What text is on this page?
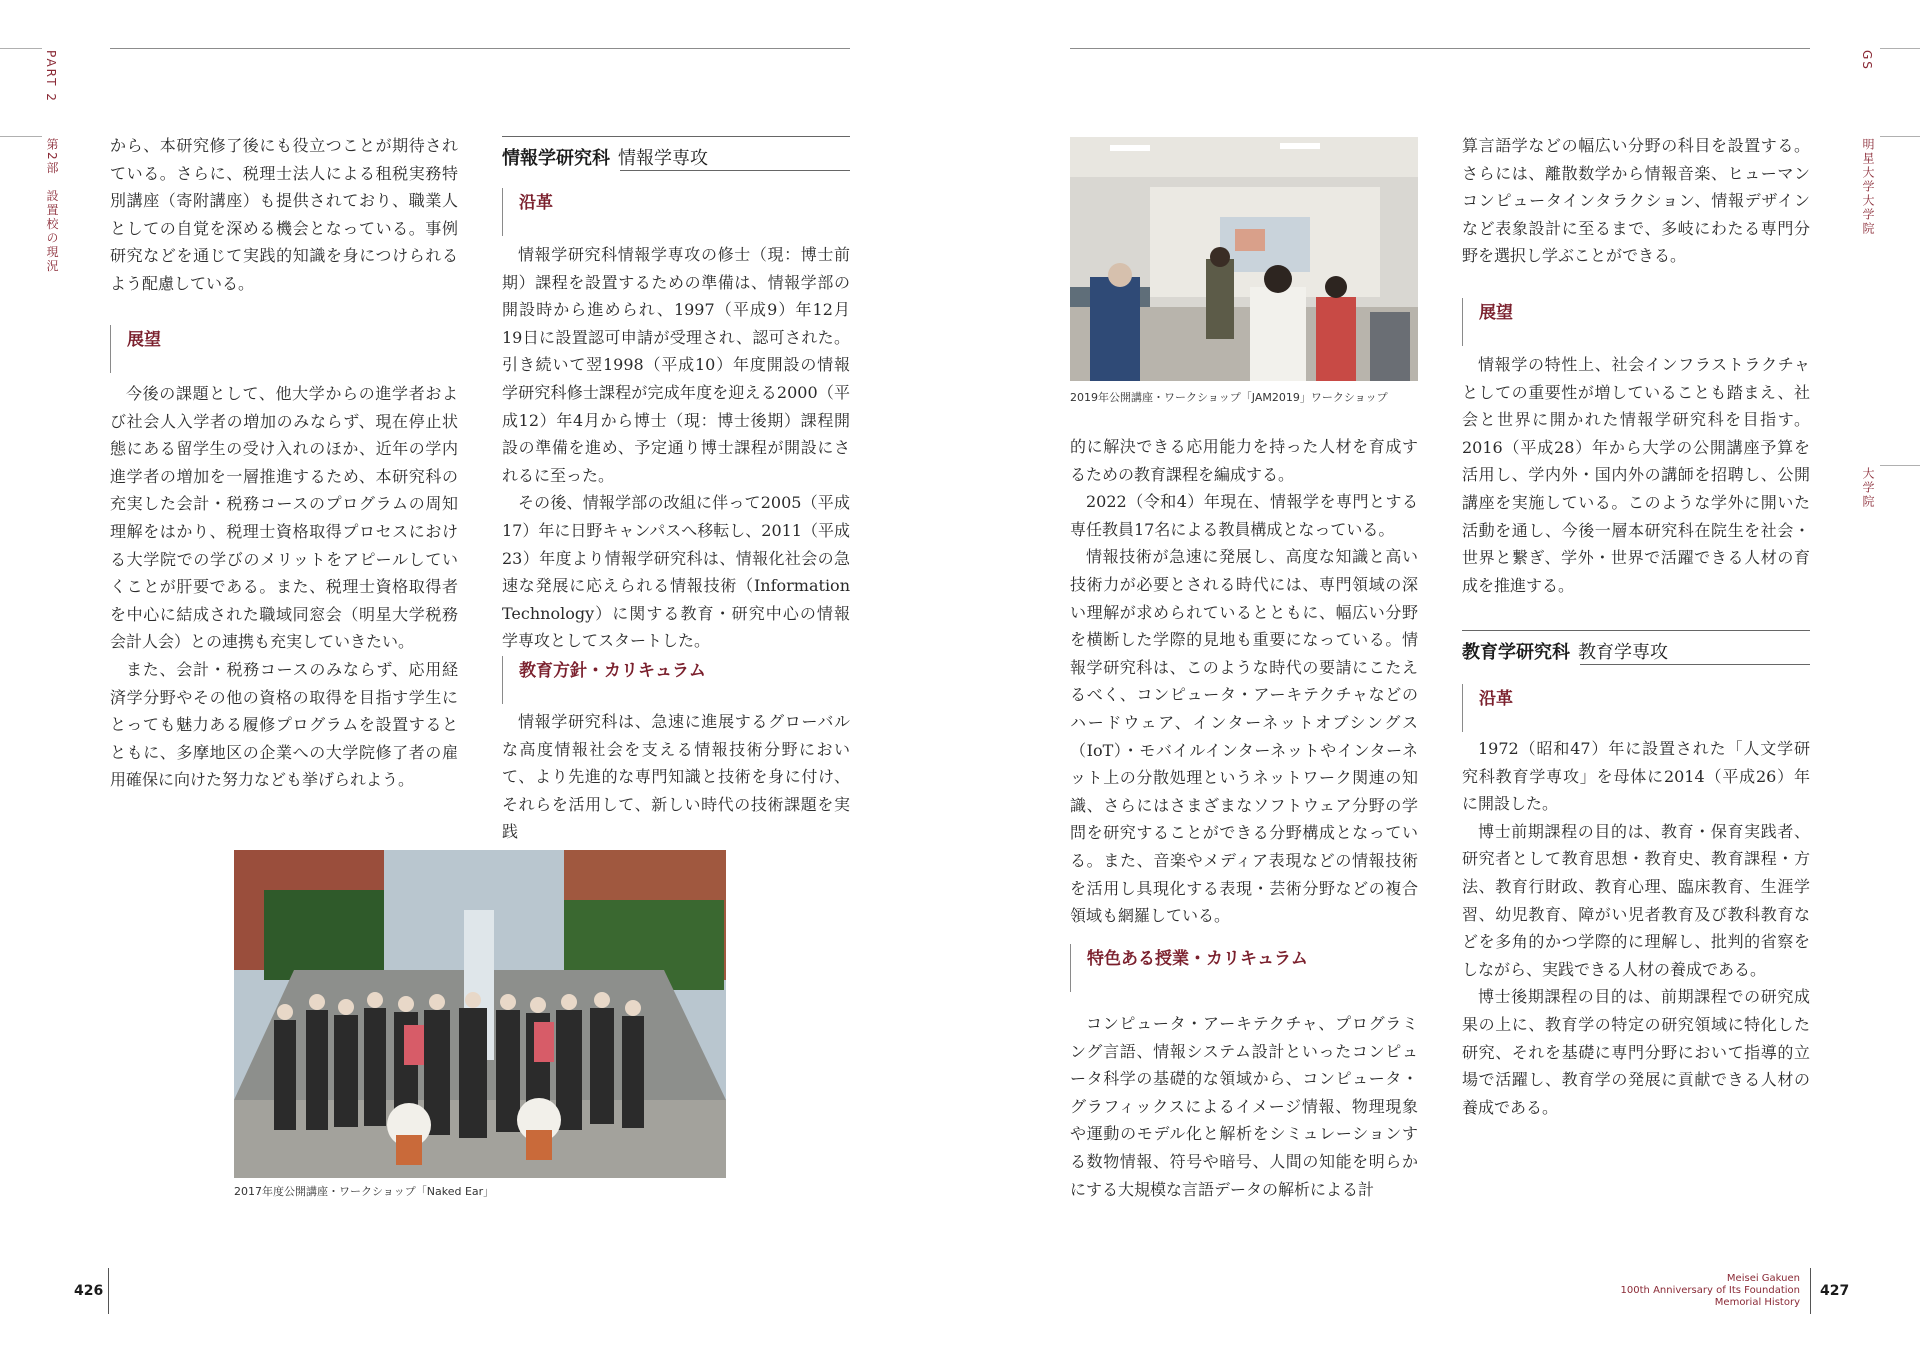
PART 2
第2部　設置校の現況
GS
明星大学大学院
大学院

から、本研究修了後にも役立つことが期待されている。さらに、税理士法人による租税実務特別講座（寄附講座）も提供されており、職業人としての自覚を深める機会となっている。事例研究などを通じて実践的知識を身につけられるよう配慮している。

展望

今後の課題として、他大学からの進学者および社会人入学者の増加のみならず、現在停止状態にある留学生の受け入れのほか、近年の学内進学者の増加を一層推進するため、本研究科の充実した会計・税務コースのプログラムの周知理解をはかり、税理士資格取得プロセスにおける大学院での学びのメリットをアピールしていくことが肝要である。また、税理士資格取得者を中心に結成された職域同窓会（明星大学税務会計人会）との連携も充実していきたい。

また、会計・税務コースのみならず、応用経済学分野やその他の資格の取得を目指す学生にとっても魅力ある履修プログラムを設置するとともに、多摩地区の企業への大学院修了者の雇用確保に向けた努力なども挙げられよう。

情報学研究科 情報学専攻
沿革

情報学研究科情報学専攻の修士（現：博士前期）課程を設置するための準備は、情報学部の開設時から進められ、1997（平成9）年12月19日に設置認可申請が受理され、認可された。引き続いて翌1998（平成10）年度開設の情報学研究科修士課程が完成年度を迎える2000（平成12）年4月から博士（現：博士後期）課程開設の準備を進め、予定通り博士課程が開設にされるに至った。

その後、情報学部の改組に伴って2005（平成17）年に日野キャンパスへ移転し、2011（平成23）年度より情報学研究科は、情報化社会の急速な発展に応えられる情報技術（Information Technology）に関する教育・研究中心の情報学専攻としてスタートした。

教育方針・カリキュラム

情報学研究科は、急速に進展するグローバルな高度情報社会を支える情報技術分野において、より先進的な専門知識と技術を身に付け、それらを活用して、新しい時代の技術課題を実践

2017年度公開講座・ワークショップ「Naked Ear」
426
2019年公開講座・ワークショップ「JAM2019」ワークショップ

的に解決できる応用能力を持った人材を育成するための教育課程を編成する。

2022（令和4）年現在、情報学を専門とする専任教員17名による教員構成となっている。

情報技術が急速に発展し、高度な知識と高い技術力が必要とされる時代には、専門領域の深い理解が求められているとともに、幅広い分野を横断した学際的見地も重要になっている。情報学研究科は、このような時代の要請にこたえるべく、コンピュータ・アーキテクチャなどのハードウェア、インターネットオブシングス（IoT）・モバイルインターネットやインターネット上の分散処理というネットワーク関連の知識、さらにはさまざまなソフトウェア分野の学問を研究することができる分野構成となっている。また、音楽やメディア表現などの情報技術を活用し具現化する表現・芸術分野などの複合領域も網羅している。

特色ある授業・カリキュラム

コンピュータ・アーキテクチャ、プログラミング言語、情報システム設計といったコンピュータ科学の基礎的な領域から、コンピュータ・グラフィックスによるイメージ情報、物理現象や運動のモデル化と解析をシミュレーションする数物情報、符号や暗号、人間の知能を明らかにする大規模な言語データの解析による計

算言語学などの幅広い分野の科目を設置する。さらには、離散数学から情報音楽、ヒューマンコンピュータインタラクション、情報デザインなど表象設計に至るまで、多岐にわたる専門分野を選択し学ぶことができる。

展望

情報学の特性上、社会インフラストラクチャとしての重要性が増していることも踏まえ、社会と世界に開かれた情報学研究科を目指す。2016（平成28）年から大学の公開講座予算を活用し、学内外・国内外の講師を招聘し、公開講座を実施している。このような学外に開いた活動を通し、今後一層本研究科在院生を社会・世界と繋ぎ、学外・世界で活躍できる人材の育成を推進する。

教育学研究科 教育学専攻
沿革

1972（昭和47）年に設置された「人文学研究科教育学専攻」を母体に2014（平成26）年に開設した。

博士前期課程の目的は、教育・保育実践者、研究者として教育思想・教育史、教育課程・方法、教育行財政、教育心理、臨床教育、生涯学習、幼児教育、障がい児者教育及び教科教育などを多角的かつ学際的に理解し、批判的省察をしながら、実践できる人材の養成である。

博士後期課程の目的は、前期課程での研究成果の上に、教育学の特定の研究領域に特化した研究、それを基礎に専門分野において指導的立場で活躍し、教育学の発展に貢献できる人材の養成である。

Meisei Gakuen
100th Anniversary of Its Foundation
Memorial History
427
